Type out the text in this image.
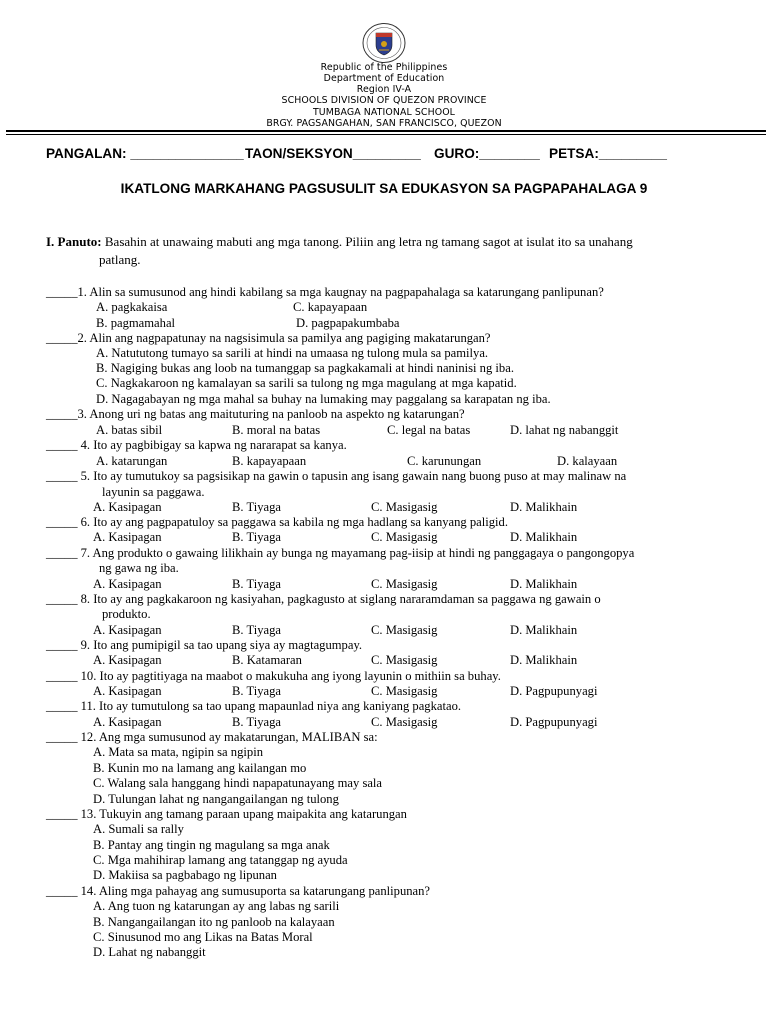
Republic of the Philippines
Department of Education
Region IV-A
SCHOOLS DIVISION OF QUEZON PROVINCE
TUMBAGA NATIONAL SCHOOL
BRGY. PAGSANGAHAN, SAN FRANCISCO, QUEZON
PANGALAN: _______________ TAON/SEKSYON_________ GURO:________ PETSA:_________
IKATLONG MARKAHANG PAGSUSULIT SA EDUKASYON SA PAGPAPAHALAGA 9
I. Panuto: Basahin at unawaing mabuti ang mga tanong. Piliin ang letra ng tamang sagot at isulat ito sa unahang
patlang.
_____1. Alin sa sumusunod ang hindi kabilang sa mga kaugnay na pagpapahalaga sa katarungang panlipunan?
A. pagkakaisa	C. kapayapaan
B. pagmamahal	D. pagpapakumbaba
_____2. Alin ang nagpapatunay na nagsisimula sa pamilya ang pagiging makatarungan?
A. Natututong tumayo sa sarili at hindi na umaasa ng tulong mula sa pamilya.
B. Nagiging bukas ang loob na tumanggap sa pagkakamali at hindi naninisi ng iba.
C. Nagkakaroon ng kamalayan sa sarili sa tulong ng mga magulang at mga kapatid.
D. Nagagabayan ng mga mahal sa buhay na lumaking may paggalang sa karapatan ng iba.
_____3. Anong uri ng batas ang maituturing na panloob na aspekto ng katarungan?
A. batas sibil	B. moral na batas	C. legal na batas	D. lahat ng nabanggit
_____ 4. Ito ay pagbibigay sa kapwa ng nararapat sa kanya.
A. katarungan	B. kapayapaan	C. karunungan	D. kalayaan
_____ 5. Ito ay tumutukoy sa pagsisikap na gawin o tapusin ang isang gawain nang buong puso at may malinaw na
layunin sa paggawa.
A. Kasipagan	B. Tiyaga	C. Masigasig	D. Malikhain
_____ 6. Ito ay ang pagpapatuloy sa paggawa sa kabila ng mga hadlang sa kanyang paligid.
A. Kasipagan	B. Tiyaga	C. Masigasig	D. Malikhain
_____ 7. Ang produkto o gawaing lilikhain ay bunga ng mayamang pag-iisip at hindi ng panggagaya o pangongopya
ng gawa ng iba.
A. Kasipagan	B. Tiyaga	C. Masigasig	D. Malikhain
_____ 8. Ito ay ang pagkakaroon ng kasiyahan, pagkagusto at siglang nararamdaman sa paggawa ng gawain o
produkto.
A. Kasipagan	B. Tiyaga	C. Masigasig	D. Malikhain
_____ 9. Ito ang pumipigil sa tao upang siya ay magtagumpay.
A. Kasipagan	B. Katamaran	C. Masigasig	D. Malikhain
_____ 10. Ito ay pagtitiyaga na maabot o makukuha ang iyong layunin o mithiin sa buhay.
A. Kasipagan	B. Tiyaga	C. Masigasig	D. Pagpupunyagi
_____ 11. Ito ay tumutulong sa tao upang mapaunlad niya ang kaniyang pagkatao.
A. Kasipagan	B. Tiyaga	C. Masigasig	D. Pagpupunyagi
_____ 12. Ang mga sumusunod ay makatarungan, MALIBAN sa:
A. Mata sa mata, ngipin sa ngipin
B. Kunin mo na lamang ang kailangan mo
C. Walang sala hanggang hindi napapatunayang may sala
D. Tulungan lahat ng nangangailangan ng tulong
_____ 13. Tukuyin ang tamang paraan upang maipakita ang katarungan
A. Sumali sa rally
B. Pantay ang tingin ng magulang sa mga anak
C. Mga mahihirap lamang ang tatanggap ng ayuda
D. Makiisa sa pagbabago ng lipunan
_____ 14. Aling mga pahayag ang sumusuporta sa katarungang panlipunan?
A. Ang tuon ng katarungan ay ang labas ng sarili
B. Nangangailangan ito ng panloob na kalayaan
C. Sinusunod mo ang Likas na Batas Moral
D. Lahat ng nabanggit
